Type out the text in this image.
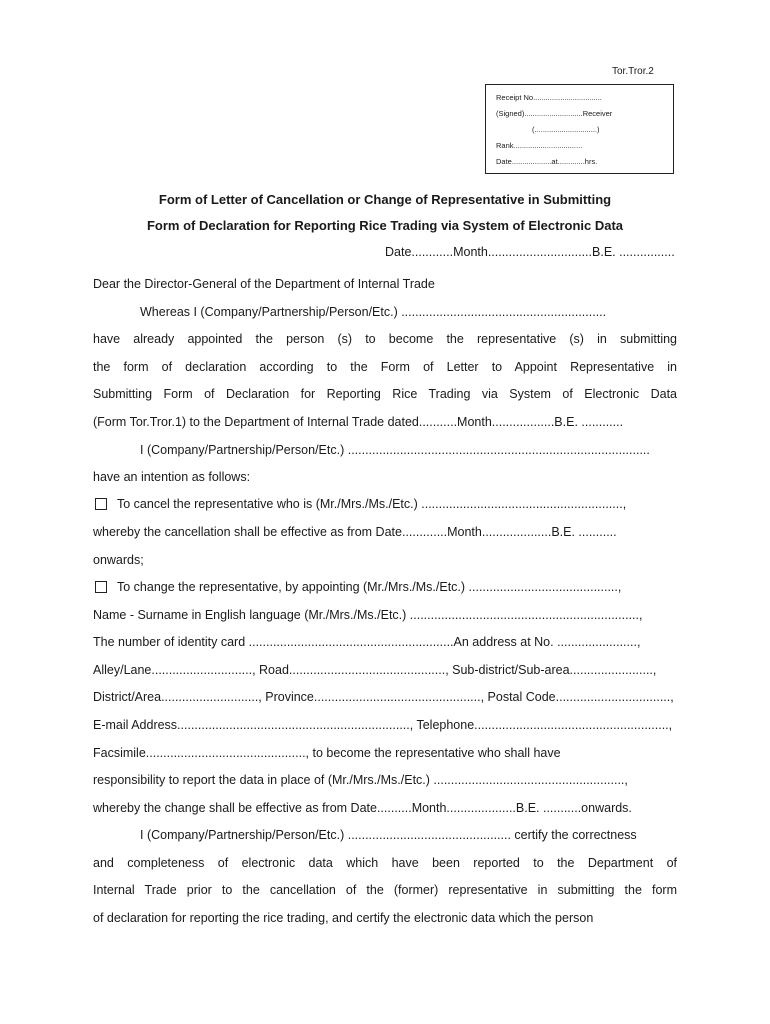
Tor.Tror.2
Receipt No.................................
(Signed)............................Receiver
(..............................)
Rank.................................
Date...................at.............hrs.
Form of Letter of Cancellation or Change of Representative in Submitting
Form of Declaration for Reporting Rice Trading via System of Electronic Data
Date............Month..............................B.E. ................
Dear the Director-General of the Department of Internal Trade
Whereas I (Company/Partnership/Person/Etc.) ...........................................................
have already appointed the person (s) to become the representative (s) in submitting
the form of declaration according to the Form of Letter to Appoint Representative in
Submitting Form of Declaration for Reporting Rice Trading via System of Electronic Data
(Form Tor.Tror.1) to the Department of Internal Trade dated...........Month..................B.E. ............
I (Company/Partnership/Person/Etc.) .......................................................................................
have an intention as follows:
To cancel the representative who is (Mr./Mrs./Ms./Etc.) ..........................................................,
whereby the cancellation shall be effective as from Date.............Month....................B.E. ...........
onwards;
To change the representative, by appointing (Mr./Mrs./Ms./Etc.) ...........................................,
Name - Surname in English language (Mr./Mrs./Ms./Etc.) ..................................................................,
The number of identity card ...........................................................An address at No. .......................,
Alley/Lane............................., Road............................................., Sub-district/Sub-area........................,
District/Area............................, Province................................................, Postal Code.................................,
E-mail Address..................................................................., Telephone........................................................,
Facsimile.............................................., to become the representative who shall have
responsibility to report the data in place of (Mr./Mrs./Ms./Etc.) .......................................................,
whereby the change shall be effective as from Date..........Month....................B.E. ...........onwards.
I (Company/Partnership/Person/Etc.) ............................................... certify the correctness
and completeness of electronic data which have been reported to the Department of
Internal Trade prior to the cancellation of the (former) representative in submitting the form
of declaration for reporting the rice trading, and certify the electronic data which the person
